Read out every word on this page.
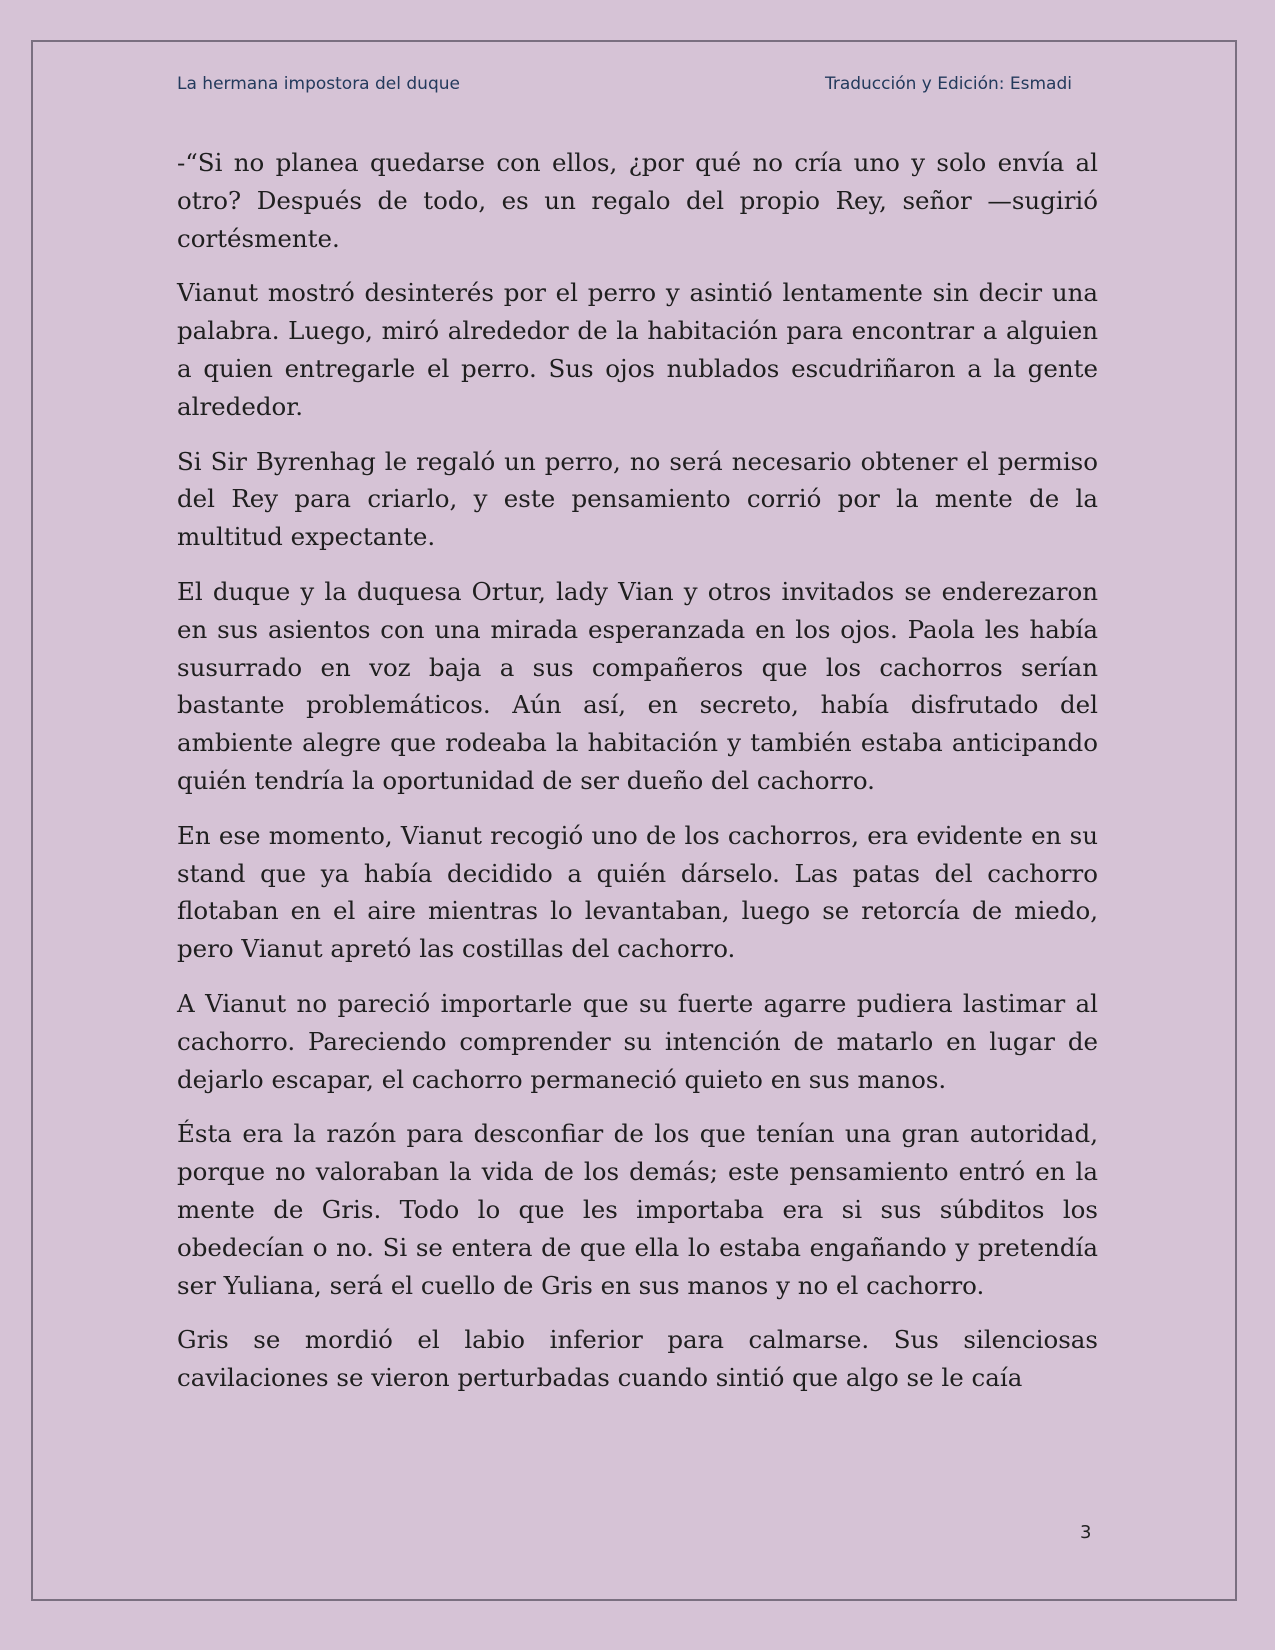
La hermana impostora del duque	Traducción y Edición: Esmadi

-“Si no planea quedarse con ellos, ¿por qué no cría uno y solo envía al otro? Después de todo, es un regalo del propio Rey, señor —sugirió cortésmente.

Vianut mostró desinterés por el perro y asintió lentamente sin decir una palabra. Luego, miró alrededor de la habitación para encontrar a alguien a quien entregarle el perro. Sus ojos nublados escudriñaron a la gente alrededor.

Si Sir Byrenhag le regaló un perro, no será necesario obtener el permiso del Rey para criarlo, y este pensamiento corrió por la mente de la multitud expectante.

El duque y la duquesa Ortur, lady Vian y otros invitados se enderezaron en sus asientos con una mirada esperanzada en los ojos. Paola les había susurrado en voz baja a sus compañeros que los cachorros serían bastante problemáticos. Aún así, en secreto, había disfrutado del ambiente alegre que rodeaba la habitación y también estaba anticipando quién tendría la oportunidad de ser dueño del cachorro.

En ese momento, Vianut recogió uno de los cachorros, era evidente en su stand que ya había decidido a quién dárselo. Las patas del cachorro flotaban en el aire mientras lo levantaban, luego se retorcía de miedo, pero Vianut apretó las costillas del cachorro.

A Vianut no pareció importarle que su fuerte agarre pudiera lastimar al cachorro. Pareciendo comprender su intención de matarlo en lugar de dejarlo escapar, el cachorro permaneció quieto en sus manos.

Ésta era la razón para desconfiar de los que tenían una gran autoridad, porque no valoraban la vida de los demás; este pensamiento entró en la mente de Gris. Todo lo que les importaba era si sus súbditos los obedecían o no. Si se entera de que ella lo estaba engañando y pretendía ser Yuliana, será el cuello de Gris en sus manos y no el cachorro.

Gris se mordió el labio inferior para calmarse. Sus silenciosas cavilaciones se vieron perturbadas cuando sintió que algo se le caía

3
